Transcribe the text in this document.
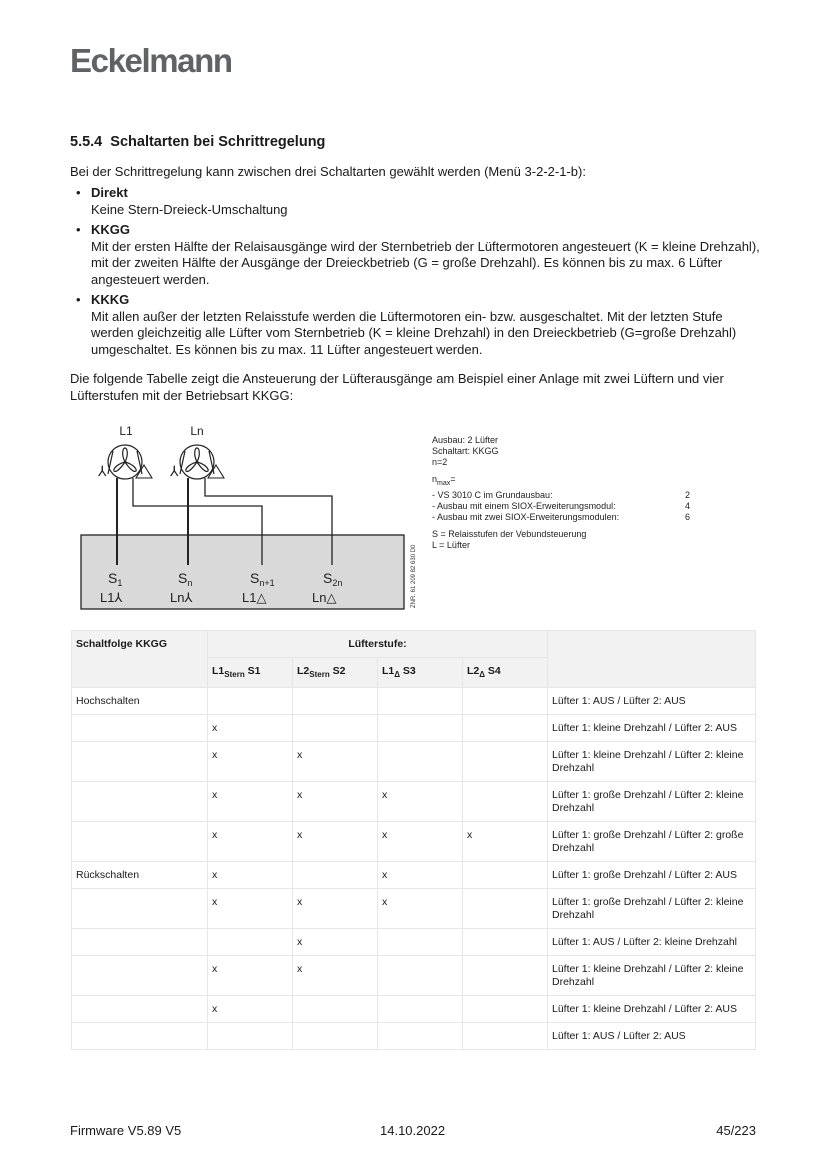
Eckelmann
5.5.4 Schaltarten bei Schrittregelung
Bei der Schrittregelung kann zwischen drei Schaltarten gewählt werden (Menü 3-2-2-1-b):
• Direkt
Keine Stern-Dreieck-Umschaltung
• KKGG
Mit der ersten Hälfte der Relaisausgänge wird der Sternbetrieb der Lüftermotoren angesteuert (K = kleine Drehzahl), mit der zweiten Hälfte der Ausgänge der Dreieckbetrieb (G = große Drehzahl). Es können bis zu max. 6 Lüfter angesteuert werden.
• KKKG
Mit allen außer der letzten Relaisstufe werden die Lüftermotoren ein- bzw. ausgeschaltet. Mit der letzten Stufe werden gleichzeitig alle Lüfter vom Sternbetrieb (K = kleine Drehzahl) in den Dreieckbetrieb (G=große Drehzahl) umgeschaltet. Es können bis zu max. 11 Lüfter angesteuert werden.
Die folgende Tabelle zeigt die Ansteuerung der Lüfterausgänge am Beispiel einer Anlage mit zwei Lüftern und vier Lüfterstufen mit der Betriebsart KKGG:
L1	Ln
⅄	⅄
$S_1$	$S_n$	$S_{n+1}$	$S_{2n}$
L1⅄	Ln⅄	L1△	Ln△	ZNR. 61 209 82 630 D0
Ausbau: 2 Lüfter
Schaltart: KKGG
n=2
$n_{max}=$
- VS 3010 C im Grundausbau:	2
- Ausbau mit einem SIOX-Erweiterungsmodul:	4
- Ausbau mit zwei SIOX-Erweiterungsmodulen:	6
S = Relaisstufen der Vebundsteuerung
L = Lüfter
Schaltfolge KKGG	Lüfterstufe:				
	$L1_{Stern}$ S1	$L2_{Stern}$ S2	$L1_\Delta$ S3	$L2_\Delta$ S4	
Hochschalten					Lüfter 1: AUS / Lüfter 2: AUS
	x				Lüfter 1: kleine Drehzahl / Lüfter 2: AUS
	x	x			Lüfter 1: kleine Drehzahl / Lüfter 2: kleine Drehzahl
	x	x	x		Lüfter 1: große Drehzahl / Lüfter 2: kleine Drehzahl
	x	x	x	x	Lüfter 1: große Drehzahl / Lüfter 2: große Drehzahl
Rückschalten	x		x		Lüfter 1: große Drehzahl / Lüfter 2: AUS
	x	x	x		Lüfter 1: große Drehzahl / Lüfter 2: kleine Drehzahl
		x			Lüfter 1: AUS / Lüfter 2: kleine Drehzahl
	x	x			Lüfter 1: kleine Drehzahl / Lüfter 2: kleine Drehzahl
	x				Lüfter 1: kleine Drehzahl / Lüfter 2: AUS
					Lüfter 1: AUS / Lüfter 2: AUS
Firmware V5.89 V5	14.10.2022	45/223
